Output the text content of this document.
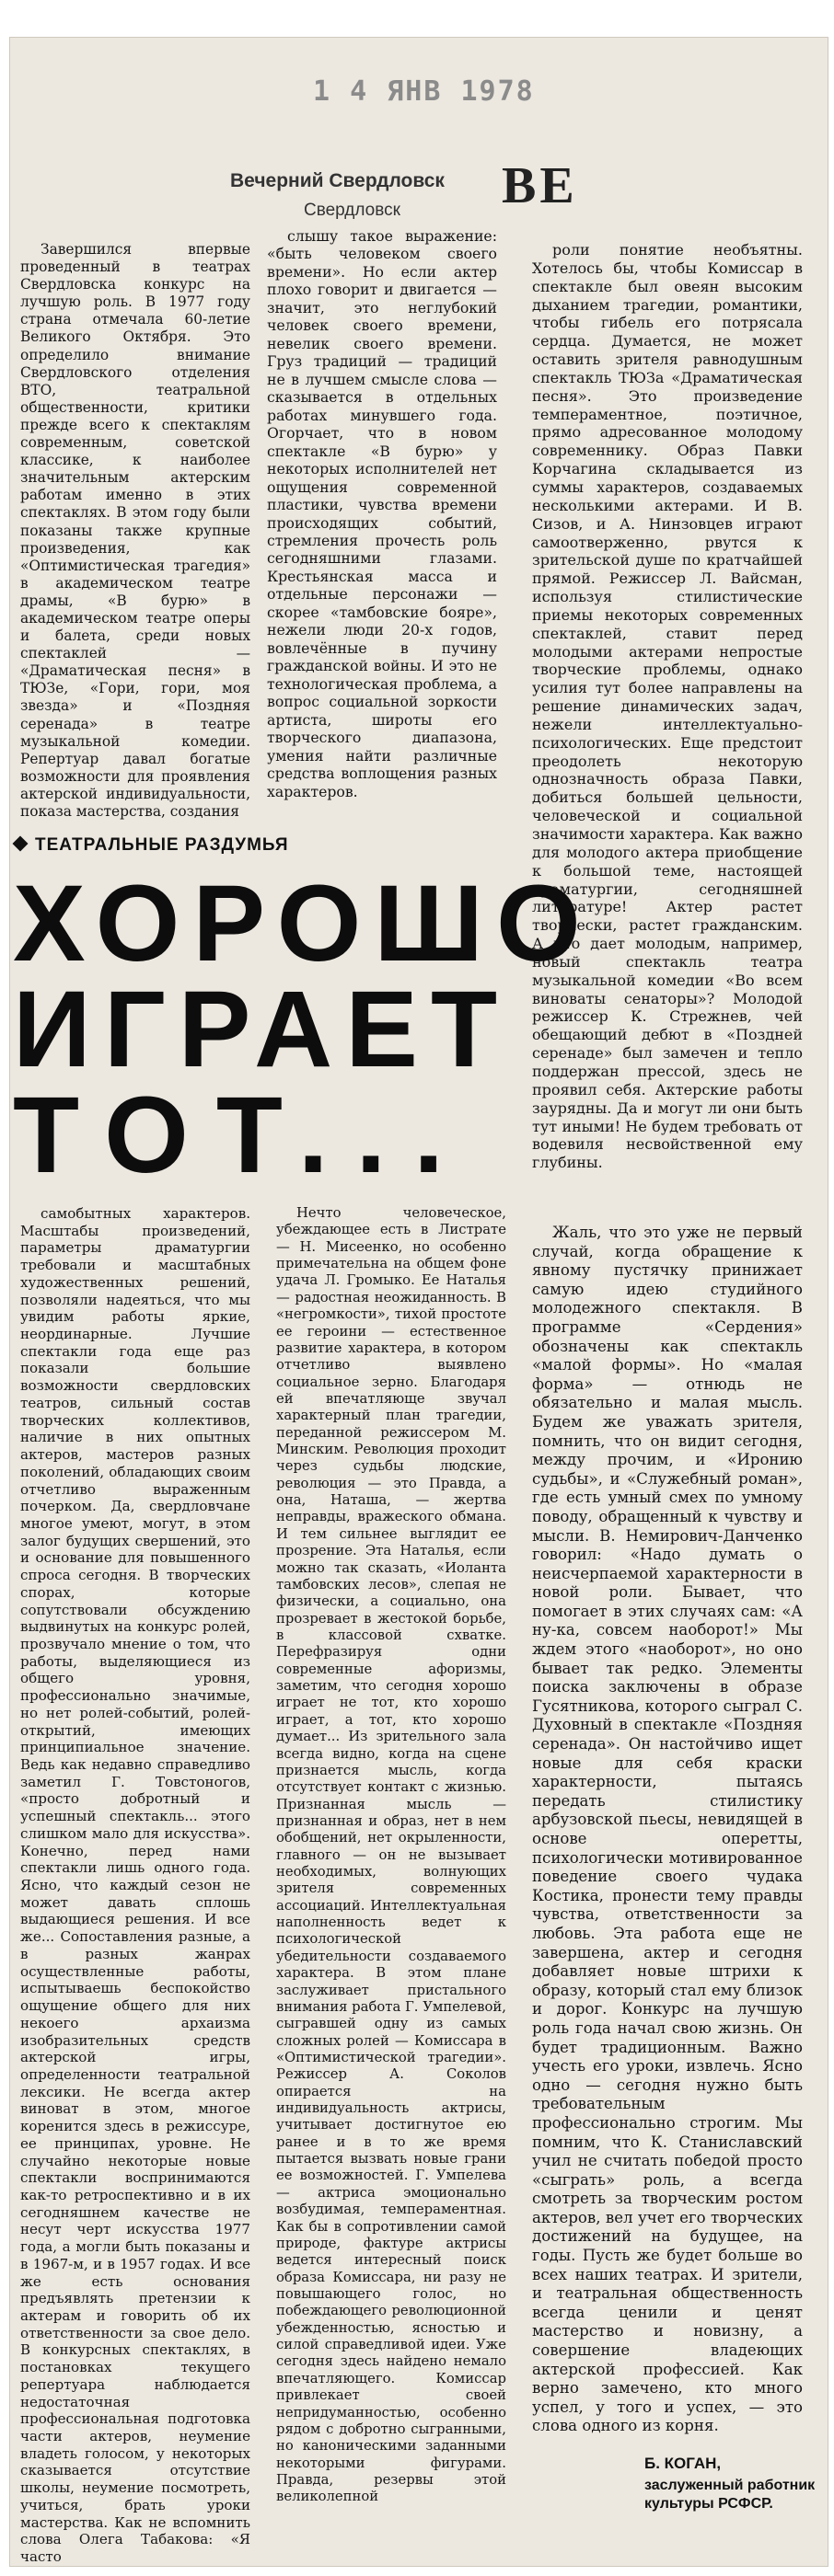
1 4 ЯНВ 1978
Вечерний Свердловск
Свердловск ВЕ

Завершился впервые проведенный в театрах Свердловска конкурс на лучшую роль. В 1977 году страна отмечала 60-летие Великого Октября. Это определило внимание Свердловского отделения ВТО, театральной общественности, критики прежде всего к спектаклям современным, советской классике, к наиболее значительным актерским работам именно в этих спектаклях. В этом году были показаны также крупные произведения, как «Оптимистическая трагедия» в академическом театре драмы, «В бурю» в академическом театре оперы и балета, среди новых спектаклей — «Драматическая песня» в ТЮЗе, «Гори, гори, моя звезда» и «Поздняя серенада» в театре музыкальной комедии. Репертуар давал богатые возможности для проявления актерской индивидуальности, показа мастерства, создания

слышу такое выражение: «быть человеком своего времени». Но если актер плохо говорит и двигается — значит, это неглубокий человек своего времени, невелик своего времени. Груз традиций — традиций не в лучшем смысле слова — сказывается в отдельных работах минувшего года. Огорчает, что в новом спектакле «В бурю» у некоторых исполнителей нет ощущения современной пластики, чувства времени происходящих событий, стремления прочесть роль сегодняшними глазами. Крестьянская масса и отдельные персонажи — скорее «тамбовские бояре», нежели люди 20-х годов, вовлечённые в пучину гражданской войны. И это не технологическая проблема, а вопрос социальной зоркости артиста, широты его творческого диапазона, умения найти различные средства воплощения разных характеров.

роли понятие необъятны. Хотелось бы, чтобы Комиссар в спектакле был овеян высоким дыханием трагедии, романтики, чтобы гибель его потрясала сердца. Думается, не может оставить зрителя равнодушным спектакль ТЮЗа «Драматическая песня». Это произведение темпераментное, поэтичное, прямо адресованное молодому современнику. Образ Павки Корчагина складывается из суммы характеров, создаваемых несколькими актерами. И В. Сизов, и А. Нинзовцев играют самоотверженно, рвутся к зрительской душе по кратчайшей прямой. Режиссер Л. Вайсман, используя стилистические приемы некоторых современных спектаклей, ставит перед молодыми актерами непростые творческие проблемы, однако усилия тут более направлены на решение динамических задач, нежели интеллектуально-психологических. Еще предстоит преодолеть некоторую однозначность образа Павки, добиться большей цельности, человеческой и социальной значимости характера. Как важно для молодого актера приобщение к большой теме, настоящей драматургии, сегодняшней литературе! Актер растет творчески, растет гражданским. А что дает молодым, например, новый спектакль театра музыкальной комедии «Во всем виноваты сенаторы»? Молодой режиссер К. Стрежнев, чей обещающий дебют в «Поздней серенаде» был замечен и тепло поддержан прессой, здесь не проявил себя. Актерские работы заурядны. Да и могут ли они быть тут иными! Не будем требовать от водевиля несвойственной ему глубины.

ТЕАТРАЛЬНЫЕ РАЗДУМЬЯ
ХОРОШО
ИГРАЕТ
ТОТ...

самобытных характеров. Масштабы произведений, параметры драматургии требовали и масштабных художественных решений, позволяли надеяться, что мы увидим работы яркие, неординарные. Лучшие спектакли года еще раз показали большие возможности свердловских театров, сильный состав творческих коллективов, наличие в них опытных актеров, мастеров разных поколений, обладающих своим отчетливо выраженным почерком. Да, свердловчане многое умеют, могут, в этом залог будущих свершений, это и основание для повышенного спроса сегодня. В творческих спорах, которые сопутствовали обсуждению выдвинутых на конкурс ролей, прозвучало мнение о том, что работы, выделяющиеся из общего уровня, профессионально значимые, но нет ролей-событий, ролей-открытий, имеющих принципиальное значение. Ведь как недавно справедливо заметил Г. Товстоногов, «просто добротный и успешный спектакль... этого слишком мало для искусства». Конечно, перед нами спектакли лишь одного года. Ясно, что каждый сезон не может давать сплошь выдающиеся решения. И все же... Сопоставления разные, а в разных жанрах осуществленные работы, испытываешь беспокойство ощущение общего для них некоего архаизма изобразительных средств актерской игры, определенности театральной лексики. Не всегда актер виноват в этом, многое коренится здесь в режиссуре, ее принципах, уровне. Не случайно некоторые новые спектакли воспринимаются как-то ретроспективно и в их сегодняшнем качестве не несут черт искусства 1977 года, а могли быть показаны и в 1967-м, и в 1957 годах. И все же есть основания предъявлять претензии к актерам и говорить об их ответственности за свое дело. В конкурсных спектаклях, в постановках текущего репертуара наблюдается недостаточная профессиональная подготовка части актеров, неумение владеть голосом, у некоторых сказывается отсутствие школы, неумение посмотреть, учиться, брать уроки мастерства. Как не вспомнить слова Олега Табакова: «Я часто

Нечто человеческое, убеждающее есть в Листрате — Н. Мисеенко, но особенно примечательна на общем фоне удача Л. Громыко. Ее Наталья — радостная неожиданность. В «негромкости», тихой простоте ее героини — естественное развитие характера, в котором отчетливо выявлено социальное зерно. Благодаря ей впечатляюще звучал характерный план трагедии, переданной режиссером М. Минским. Революция проходит через судьбы людские, революция — это Правда, а она, Наташа, — жертва неправды, вражеского обмана. И тем сильнее выглядит ее прозрение. Эта Наталья, если можно так сказать, «Иоланта тамбовских лесов», слепая не физически, а социально, она прозревает в жестокой борьбе, в классовой схватке. Перефразируя одни современные афоризмы, заметим, что сегодня хорошо играет не тот, кто хорошо играет, а тот, кто хорошо думает... Из зрительного зала всегда видно, когда на сцене признается мысль, когда отсутствует контакт с жизнью. Признанная мысль — признанная и образ, нет в нем обобщений, нет окрыленности, главного — он не вызывает необходимых, волнующих зрителя современных ассоциаций. Интеллектуальная наполненность ведет к психологической убедительности создаваемого характера. В этом плане заслуживает пристального внимания работа Г. Умпелевой, сыгравшей одну из самых сложных ролей — Комиссара в «Оптимистической трагедии». Режиссер А. Соколов опирается на индивидуальность актрисы, учитывает достигнутое ею ранее и в то же время пытается вызвать новые грани ее возможностей. Г. Умпелева — актриса эмоционально возбудимая, темпераментная. Как бы в сопротивлении самой природе, фактуре актрисы ведется интересный поиск образа Комиссара, ни разу не повышающего голос, но побеждающего революционной убежденностью, ясностью и силой справедливой идеи. Уже сегодня здесь найдено немало впечатляющего. Комиссар привлекает своей непридуманностью, особенно рядом с добротно сыгранными, но каноническими заданными некоторыми фигурами. Правда, резервы этой великолепной

Жаль, что это уже не первый случай, когда обращение к явному пустячку принижает самую идею студийного молодежного спектакля. В программе «Сердения» обозначены как спектакль «малой формы». Но «малая форма» — отнюдь не обязательно и малая мысль. Будем же уважать зрителя, помнить, что он видит сегодня, между прочим, и «Иронию судьбы», и «Служебный роман», где есть умный смех по умному поводу, обращенный к чувству и мысли. В. Немирович-Данченко говорил: «Надо думать о неисчерпаемой характерности в новой роли. Бывает, что помогает в этих случаях сам: «А ну-ка, совсем наоборот!» Мы ждем этого «наоборот», но оно бывает так редко. Элементы поиска заключены в образе Гусятникова, которого сыграл С. Духовный в спектакле «Поздняя серенада». Он настойчиво ищет новые для себя краски характерности, пытаясь передать стилистику арбузовской пьесы, невидящей в основе оперетты, психологически мотивированное поведение своего чудака Костика, пронести тему правды чувства, ответственности за любовь. Эта работа еще не завершена, актер и сегодня добавляет новые штрихи к образу, который стал ему близок и дорог. Конкурс на лучшую роль года начал свою жизнь. Он будет традиционным. Важно учесть его уроки, извлечь. Ясно одно — сегодня нужно быть требовательным профессионально строгим. Мы помним, что К. Станиславский учил не считать победой просто «сыграть» роль, а всегда смотреть за творческим ростом актеров, вел учет его творческих достижений на будущее, на годы. Пусть же будет больше во всех наших театрах. И зрители, и театральная общественность всегда ценили и ценят мастерство и новизну, а совершение владеющих актерской профессией. Как верно замечено, кто много успел, у того и успех, — это слова одного из корня.

Б. КОГАН,
заслуженный работник культуры РСФСР.
